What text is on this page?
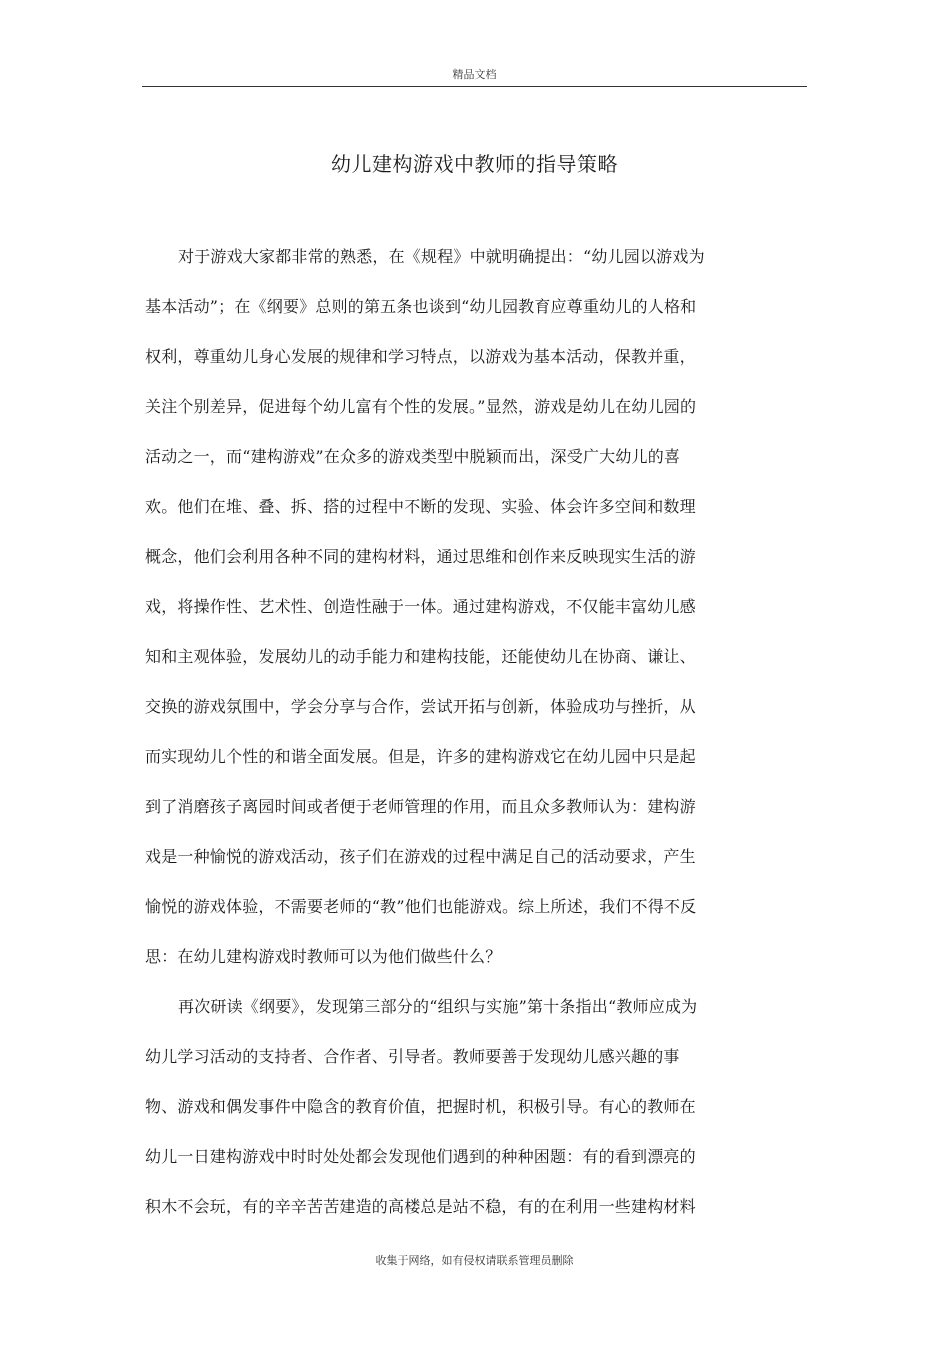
精品文档
幼儿建构游戏中教师的指导策略
对于游戏大家都非常的熟悉，在《规程》中就明确提出：“幼儿园以游戏为
基本活动”；在《纲要》总则的第五条也谈到“幼儿园教育应尊重幼儿的人格和
权利，尊重幼儿身心发展的规律和学习特点，以游戏为基本活动，保教并重，
关注个别差异，促进每个幼儿富有个性的发展。”显然，游戏是幼儿在幼儿园的
活动之一，而“建构游戏”在众多的游戏类型中脱颖而出，深受广大幼儿的喜
欢。他们在堆、叠、拆、搭的过程中不断的发现、实验、体会许多空间和数理
概念，他们会利用各种不同的建构材料，通过思维和创作来反映现实生活的游
戏，将操作性、艺术性、创造性融于一体。通过建构游戏，不仅能丰富幼儿感
知和主观体验，发展幼儿的动手能力和建构技能，还能使幼儿在协商、谦让、
交换的游戏氛围中，学会分享与合作，尝试开拓与创新，体验成功与挫折，从
而实现幼儿个性的和谐全面发展。但是，许多的建构游戏它在幼儿园中只是起
到了消磨孩子离园时间或者便于老师管理的作用，而且众多教师认为：建构游
戏是一种愉悦的游戏活动，孩子们在游戏的过程中满足自己的活动要求，产生
愉悦的游戏体验，不需要老师的“教”他们也能游戏。综上所述，我们不得不反
思：在幼儿建构游戏时教师可以为他们做些什么？
再次研读《纲要》，发现第三部分的“组织与实施”第十条指出“教师应成为
幼儿学习活动的支持者、合作者、引导者。教师要善于发现幼儿感兴趣的事
物、游戏和偶发事件中隐含的教育价值，把握时机，积极引导。有心的教师在
幼儿一日建构游戏中时时处处都会发现他们遇到的种种困题：有的看到漂亮的
积木不会玩，有的辛辛苦苦建造的高楼总是站不稳，有的在利用一些建构材料
收集于网络，如有侵权请联系管理员删除
